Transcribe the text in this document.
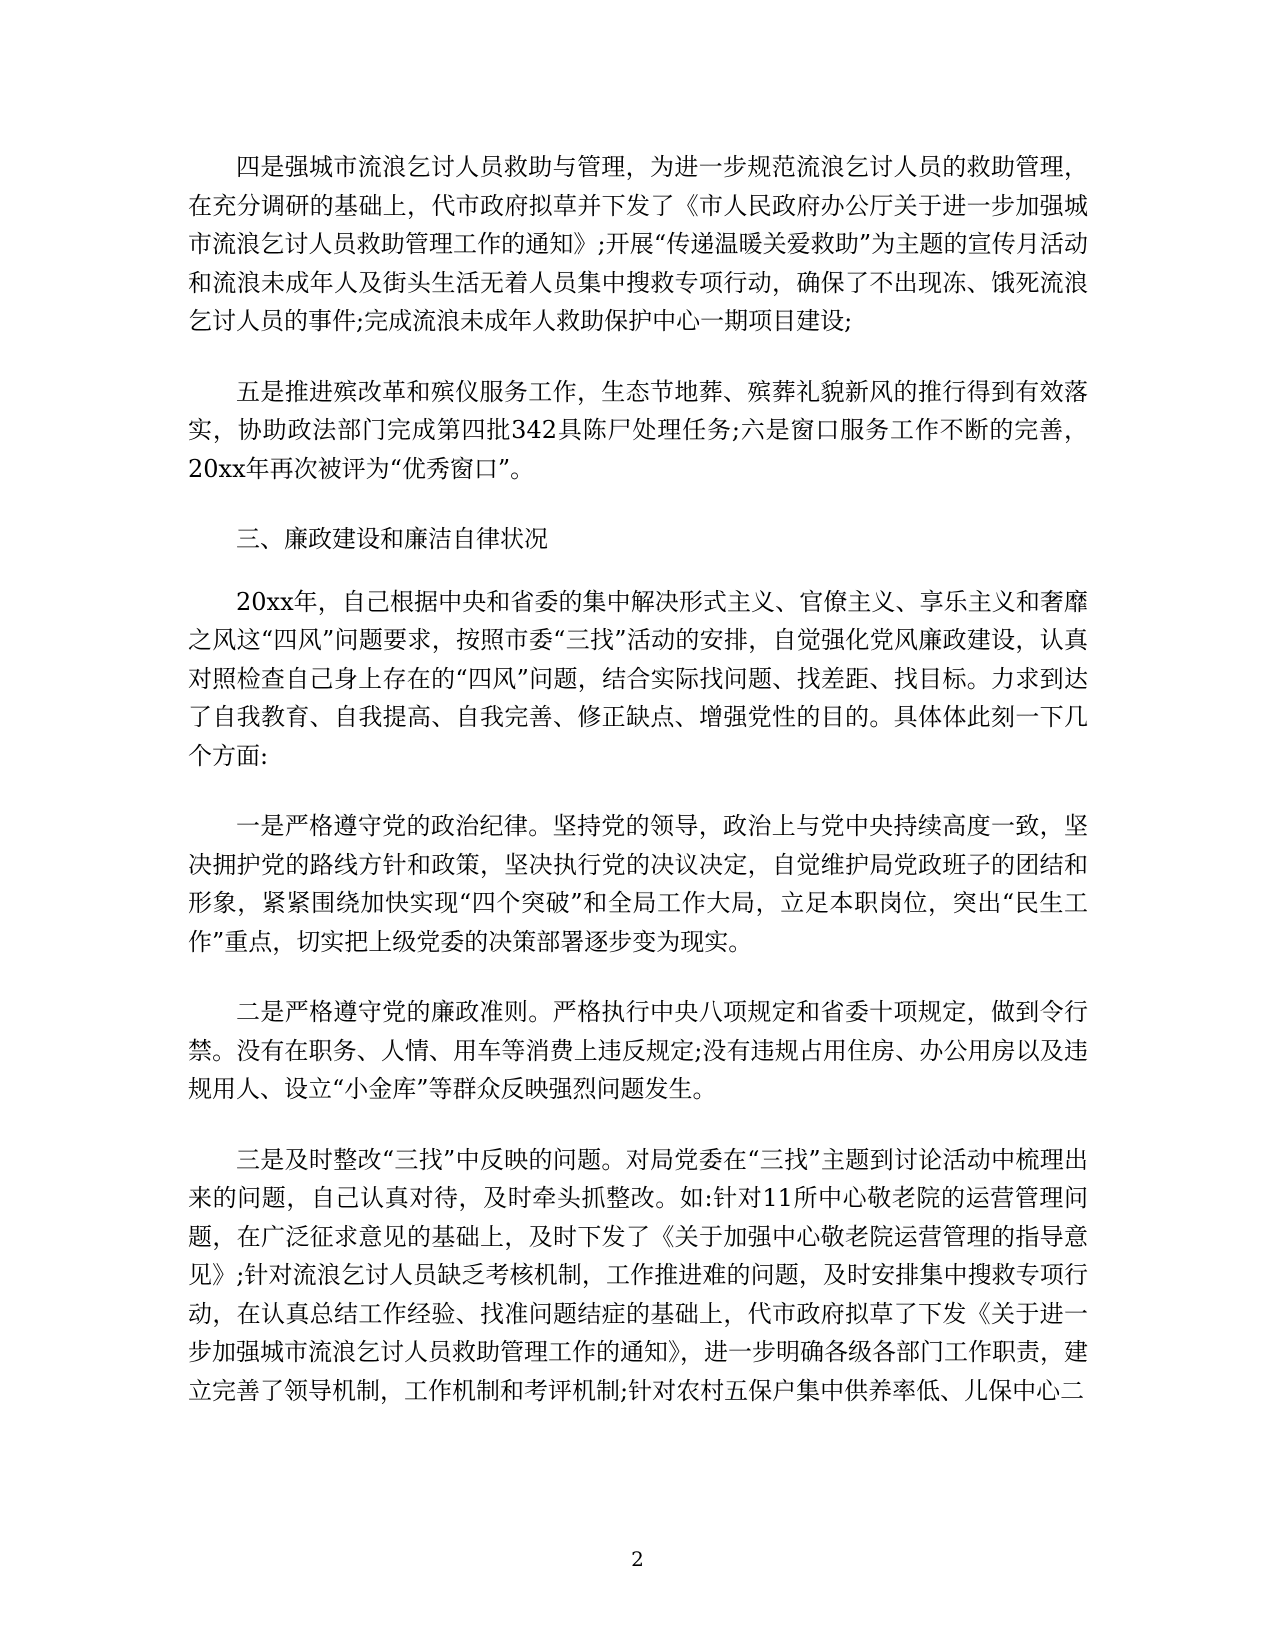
四是强城市流浪乞讨人员救助与管理，为进一步规范流浪乞讨人员的救助管理，在充分调研的基础上，代市政府拟草并下发了《市人民政府办公厅关于进一步加强城市流浪乞讨人员救助管理工作的通知》;开展“传递温暖关爱救助”为主题的宣传月活动和流浪未成年人及街头生活无着人员集中搜救专项行动，确保了不出现冻、饿死流浪乞讨人员的事件;完成流浪未成年人救助保护中心一期项目建设;

五是推进殡改革和殡仪服务工作，生态节地葬、殡葬礼貌新风的推行得到有效落实，协助政法部门完成第四批342具陈尸处理任务;六是窗口服务工作不断的完善，20xx年再次被评为“优秀窗口”。

三、廉政建设和廉洁自律状况

20xx年，自己根据中央和省委的集中解决形式主义、官僚主义、享乐主义和奢靡之风这“四风”问题要求，按照市委“三找”活动的安排，自觉强化党风廉政建设，认真对照检查自己身上存在的“四风”问题，结合实际找问题、找差距、找目标。力求到达了自我教育、自我提高、自我完善、修正缺点、增强党性的目的。具体体此刻一下几个方面:

一是严格遵守党的政治纪律。坚持党的领导，政治上与党中央持续高度一致，坚决拥护党的路线方针和政策，坚决执行党的决议决定，自觉维护局党政班子的团结和形象，紧紧围绕加快实现“四个突破”和全局工作大局，立足本职岗位，突出“民生工作”重点，切实把上级党委的决策部署逐步变为现实。

二是严格遵守党的廉政准则。严格执行中央八项规定和省委十项规定，做到令行禁。没有在职务、人情、用车等消费上违反规定;没有违规占用住房、办公用房以及违规用人、设立“小金库”等群众反映强烈问题发生。

三是及时整改“三找”中反映的问题。对局党委在“三找”主题到讨论活动中梳理出来的问题，自己认真对待，及时牵头抓整改。如:针对11所中心敬老院的运营管理问题，在广泛征求意见的基础上，及时下发了《关于加强中心敬老院运营管理的指导意见》;针对流浪乞讨人员缺乏考核机制，工作推进难的问题，及时安排集中搜救专项行动，在认真总结工作经验、找准问题结症的基础上，代市政府拟草了下发《关于进一步加强城市流浪乞讨人员救助管理工作的通知》，进一步明确各级各部门工作职责，建立完善了领导机制，工作机制和考评机制;针对农村五保户集中供养率低、儿保中心二

2
